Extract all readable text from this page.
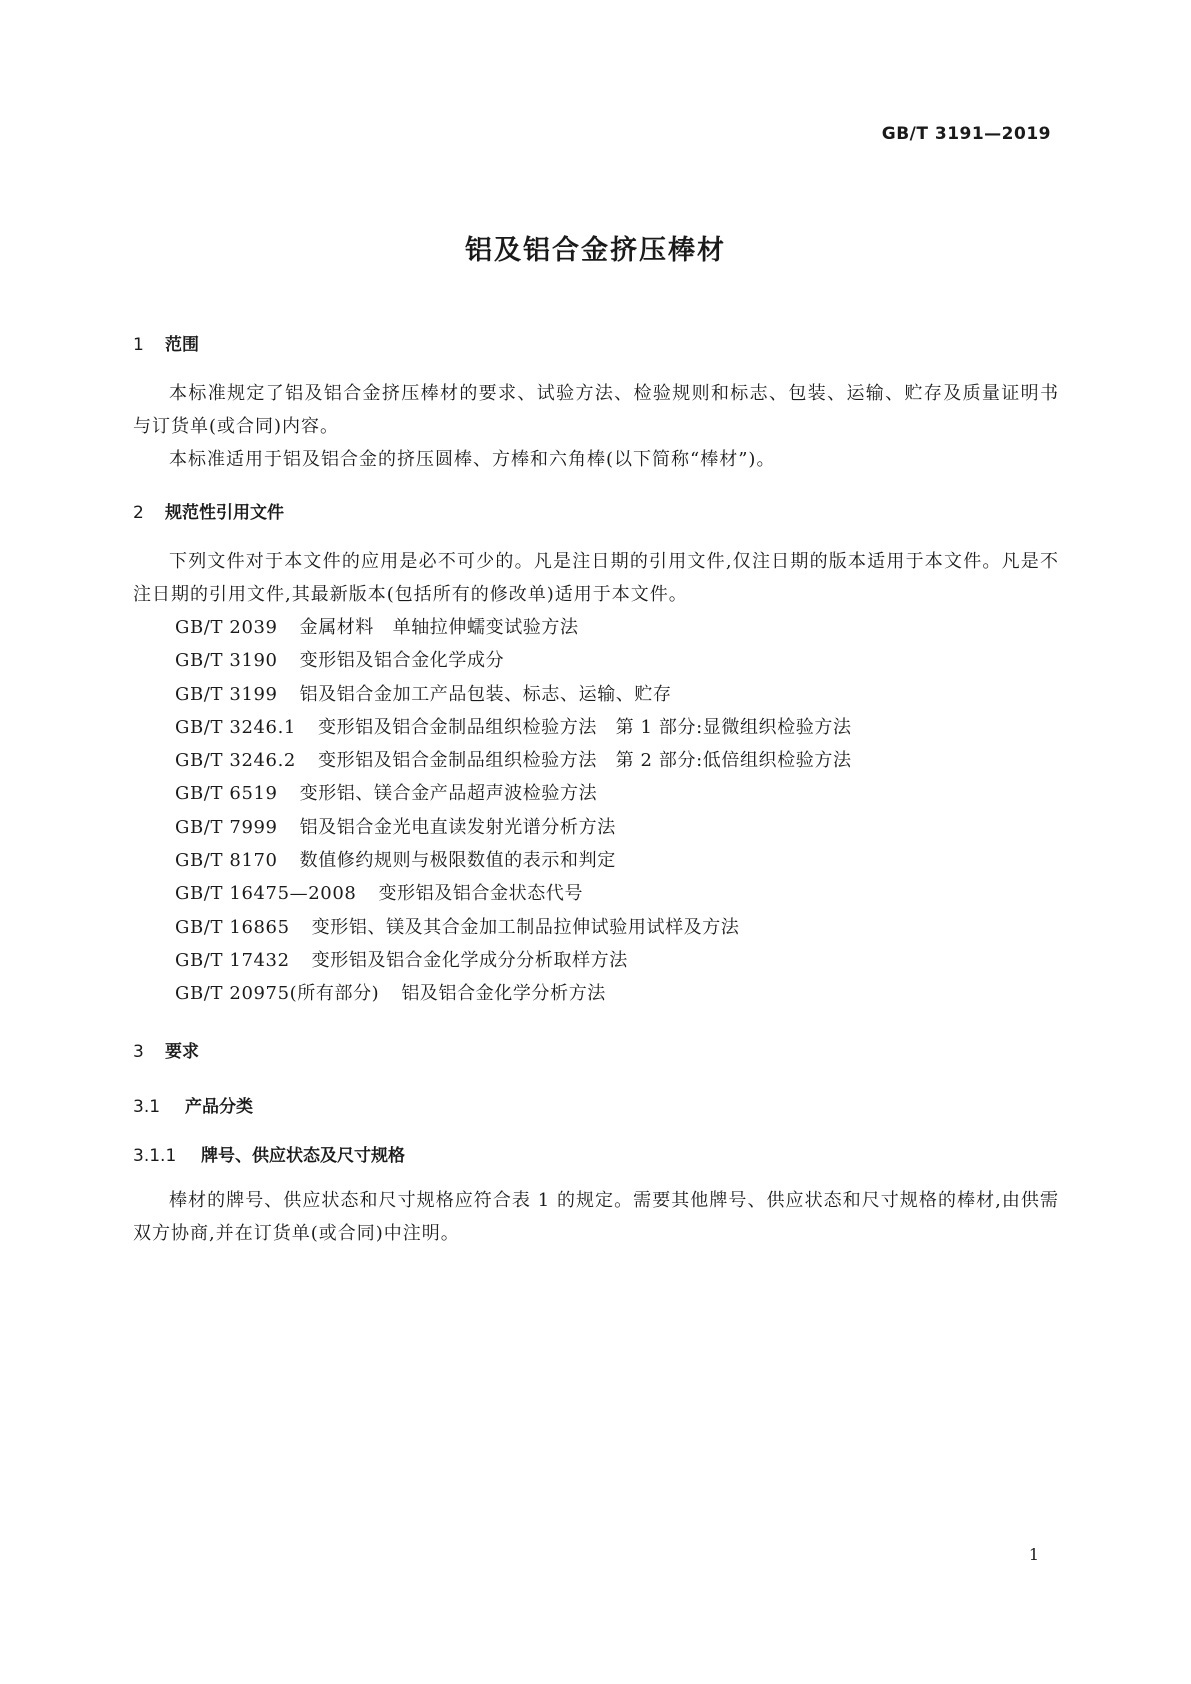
GB/T 3191—2019
铝及铝合金挤压棒材
1	范围

本标准规定了铝及铝合金挤压棒材的要求、试验方法、检验规则和标志、包装、运输、贮存及质量证明书与订货单(或合同)内容。

本标准适用于铝及铝合金的挤压圆棒、方棒和六角棒(以下简称“棒材”)。

2	规范性引用文件

下列文件对于本文件的应用是必不可少的。凡是注日期的引用文件,仅注日期的版本适用于本文件。凡是不注日期的引用文件,其最新版本(包括所有的修改单)适用于本文件。

GB/T 2039 金属材料　单轴拉伸蠕变试验方法
GB/T 3190 变形铝及铝合金化学成分
GB/T 3199 铝及铝合金加工产品包装、标志、运输、贮存
GB/T 3246.1 变形铝及铝合金制品组织检验方法　第 1 部分:显微组织检验方法
GB/T 3246.2 变形铝及铝合金制品组织检验方法　第 2 部分:低倍组织检验方法
GB/T 6519 变形铝、镁合金产品超声波检验方法
GB/T 7999 铝及铝合金光电直读发射光谱分析方法
GB/T 8170 数值修约规则与极限数值的表示和判定
GB/T 16475—2008 变形铝及铝合金状态代号
GB/T 16865 变形铝、镁及其合金加工制品拉伸试验用试样及方法
GB/T 17432 变形铝及铝合金化学成分分析取样方法
GB/T 20975(所有部分) 铝及铝合金化学分析方法
3	要求
3.1	产品分类
3.1.1	牌号、供应状态及尺寸规格

棒材的牌号、供应状态和尺寸规格应符合表 1 的规定。需要其他牌号、供应状态和尺寸规格的棒材,由供需双方协商,并在订货单(或合同)中注明。

1
